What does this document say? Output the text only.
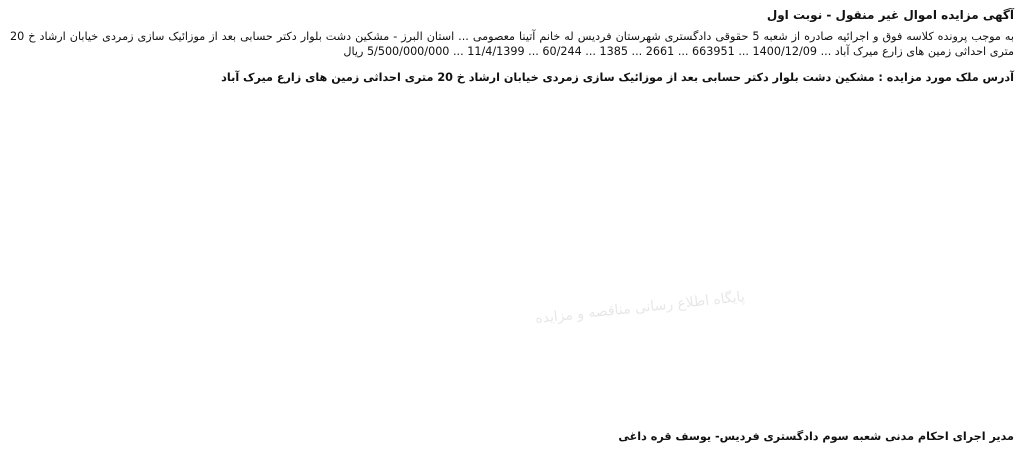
آگهی مزایده اموال غیر منقول - نوبت اول

به موجب پرونده کلاسه فوق و اجرائیه صادره از شعبه 5 حقوقی دادگستری شهرستان فردیس له خانم آتینا معصومی ... استان البرز - مشکین دشت بلوار دکتر حسابی بعد از موزائیک سازی زمردی خیابان ارشاد خ 20 متری احداثی زمین های زارع میرک آباد ... 1400/12/09 ... 663951 ... 2661 ... 1385 ... 60/244 ... 11/4/1399 ... 5/500/000/000 ریال

آدرس ملک مورد مزایده : مشکین دشت بلوار دکتر حسابی بعد از موزائیک سازی زمردی خیابان ارشاد خ 20 متری احداثی زمین های زارع میرک آباد
پایگاه اطلاع رسانی مناقصه و مزایده
مدیر اجرای احکام مدنی شعبه سوم دادگستری فردیس- یوسف قره داغی
